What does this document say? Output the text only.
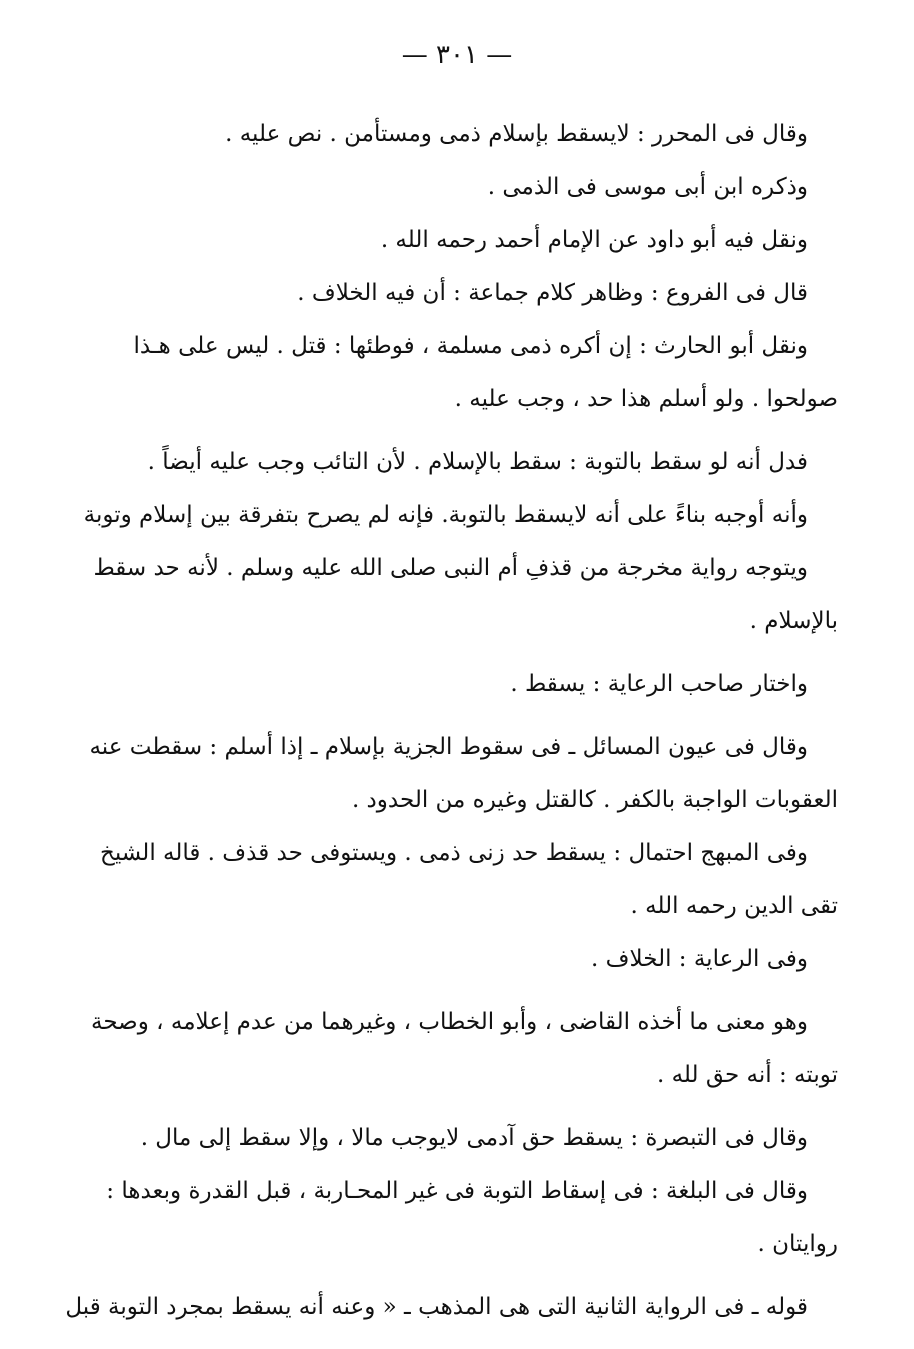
— ٣٠١ —
وقال فى المحرر : لايسقط بإسلام ذمى ومستأمن . نص عليه .
وذكره ابن أبى موسى فى الذمى .
ونقل فيه أبو داود عن الإمام أحمد رحمه الله .
قال فى الفروع : وظاهر كلام جماعة : أن فيه الخلاف .
ونقل أبو الحارث : إن أكره ذمى مسلمة ، فوطئها : قتل . ليس على هـذا
صولحوا . ولو أسلم هذا حد ، وجب عليه .
فدل أنه لو سقط بالتوبة : سقط بالإسلام . لأن التائب وجب عليه أيضاً .
وأنه أوجبه بناءً على أنه لايسقط بالتوبة. فإنه لم يصرح بتفرقة بين إسلام وتوبة
ويتوجه رواية مخرجة من قذفِ أم النبى صلى الله عليه وسلم . لأنه حد سقط
بالإسلام .
واختار صاحب الرعاية : يسقط .
وقال فى عيون المسائل ـ فى سقوط الجزية بإسلام ـ إذا أسلم : سقطت عنه
العقوبات الواجبة بالكفر . كالقتل وغيره من الحدود .
وفى المبهج احتمال : يسقط حد زنى ذمى . ويستوفى حد قذف . قاله الشيخ
تقى الدين رحمه الله .
وفى الرعاية : الخلاف .
وهو معنى ما أخذه القاضى ، وأبو الخطاب ، وغيرهما من عدم إعلامه ، وصحة
توبته : أنه حق لله .
وقال فى التبصرة : يسقط حق آدمى لايوجب مالا ، وإلا سقط إلى مال .
وقال فى البلغة : فى إسقاط التوبة فى غير المحـاربة ، قبل القدرة وبعدها :
روايتان .
قوله ـ فى الرواية الثانية التى هى المذهب ـ « وعنه أنه يسقط بمجرد التوبة قبل
